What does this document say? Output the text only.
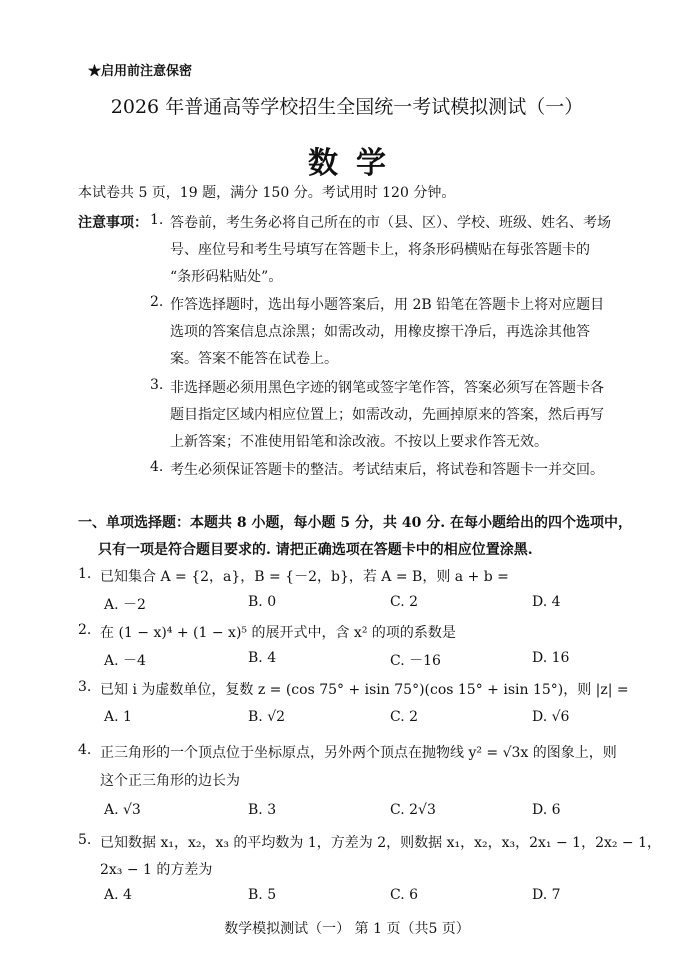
★启用前注意保密
2026 年普通高等学校招生全国统一考试模拟测试（一）
数学
本试卷共 5 页，19 题，满分 150 分。考试用时 120 分钟。
注意事项： 1. 答卷前，考生务必将自己所在的市（县、区）、学校、班级、姓名、考场
号、座位号和考生号填写在答题卡上，将条形码横贴在每张答题卡的
“条形码粘贴处”。
2. 作答选择题时，选出每小题答案后，用 2B 铅笔在答题卡上将对应题目
选项的答案信息点涂黑；如需改动，用橡皮擦干净后，再选涂其他答
案。答案不能答在试卷上。
3. 非选择题必须用黑色字迹的钢笔或签字笔作答，答案必须写在答题卡各
题目指定区域内相应位置上；如需改动，先画掉原来的答案，然后再写
上新答案；不准使用铅笔和涂改液。不按以上要求作答无效。
4. 考生必须保证答题卡的整洁。考试结束后，将试卷和答题卡一并交回。
一、单项选择题：本题共 8 小题，每小题 5 分，共 40 分. 在每小题给出的四个选项中，
只有一项是符合题目要求的. 请把正确选项在答题卡中的相应位置涂黑.
1. 已知集合 A = {2，a}，B = {－2，b}，若 A = B，则 a + b =
A. －2	B. 0	C. 2	D. 4
2. 在 (1 − x)⁴ + (1 − x)⁵ 的展开式中，含 x² 的项的系数是
A. －4	B. 4	C. －16	D. 16
3. 已知 i 为虚数单位，复数 z = (cos 75° + isin 75°)(cos 15° + isin 15°)，则 |z| =
A. 1	B. √2	C. 2	D. √6
4. 正三角形的一个顶点位于坐标原点，另外两个顶点在抛物线 y² = √3x 的图象上，则
这个正三角形的边长为
A. √3	B. 3	C. 2√3	D. 6
5. 已知数据 x₁，x₂，x₃ 的平均数为 1，方差为 2，则数据 x₁，x₂，x₃，2x₁ − 1，2x₂ − 1，
2x₃ − 1 的方差为
A. 4	B. 5	C. 6	D. 7
数学模拟测试（一） 第 1 页（共5 页）
